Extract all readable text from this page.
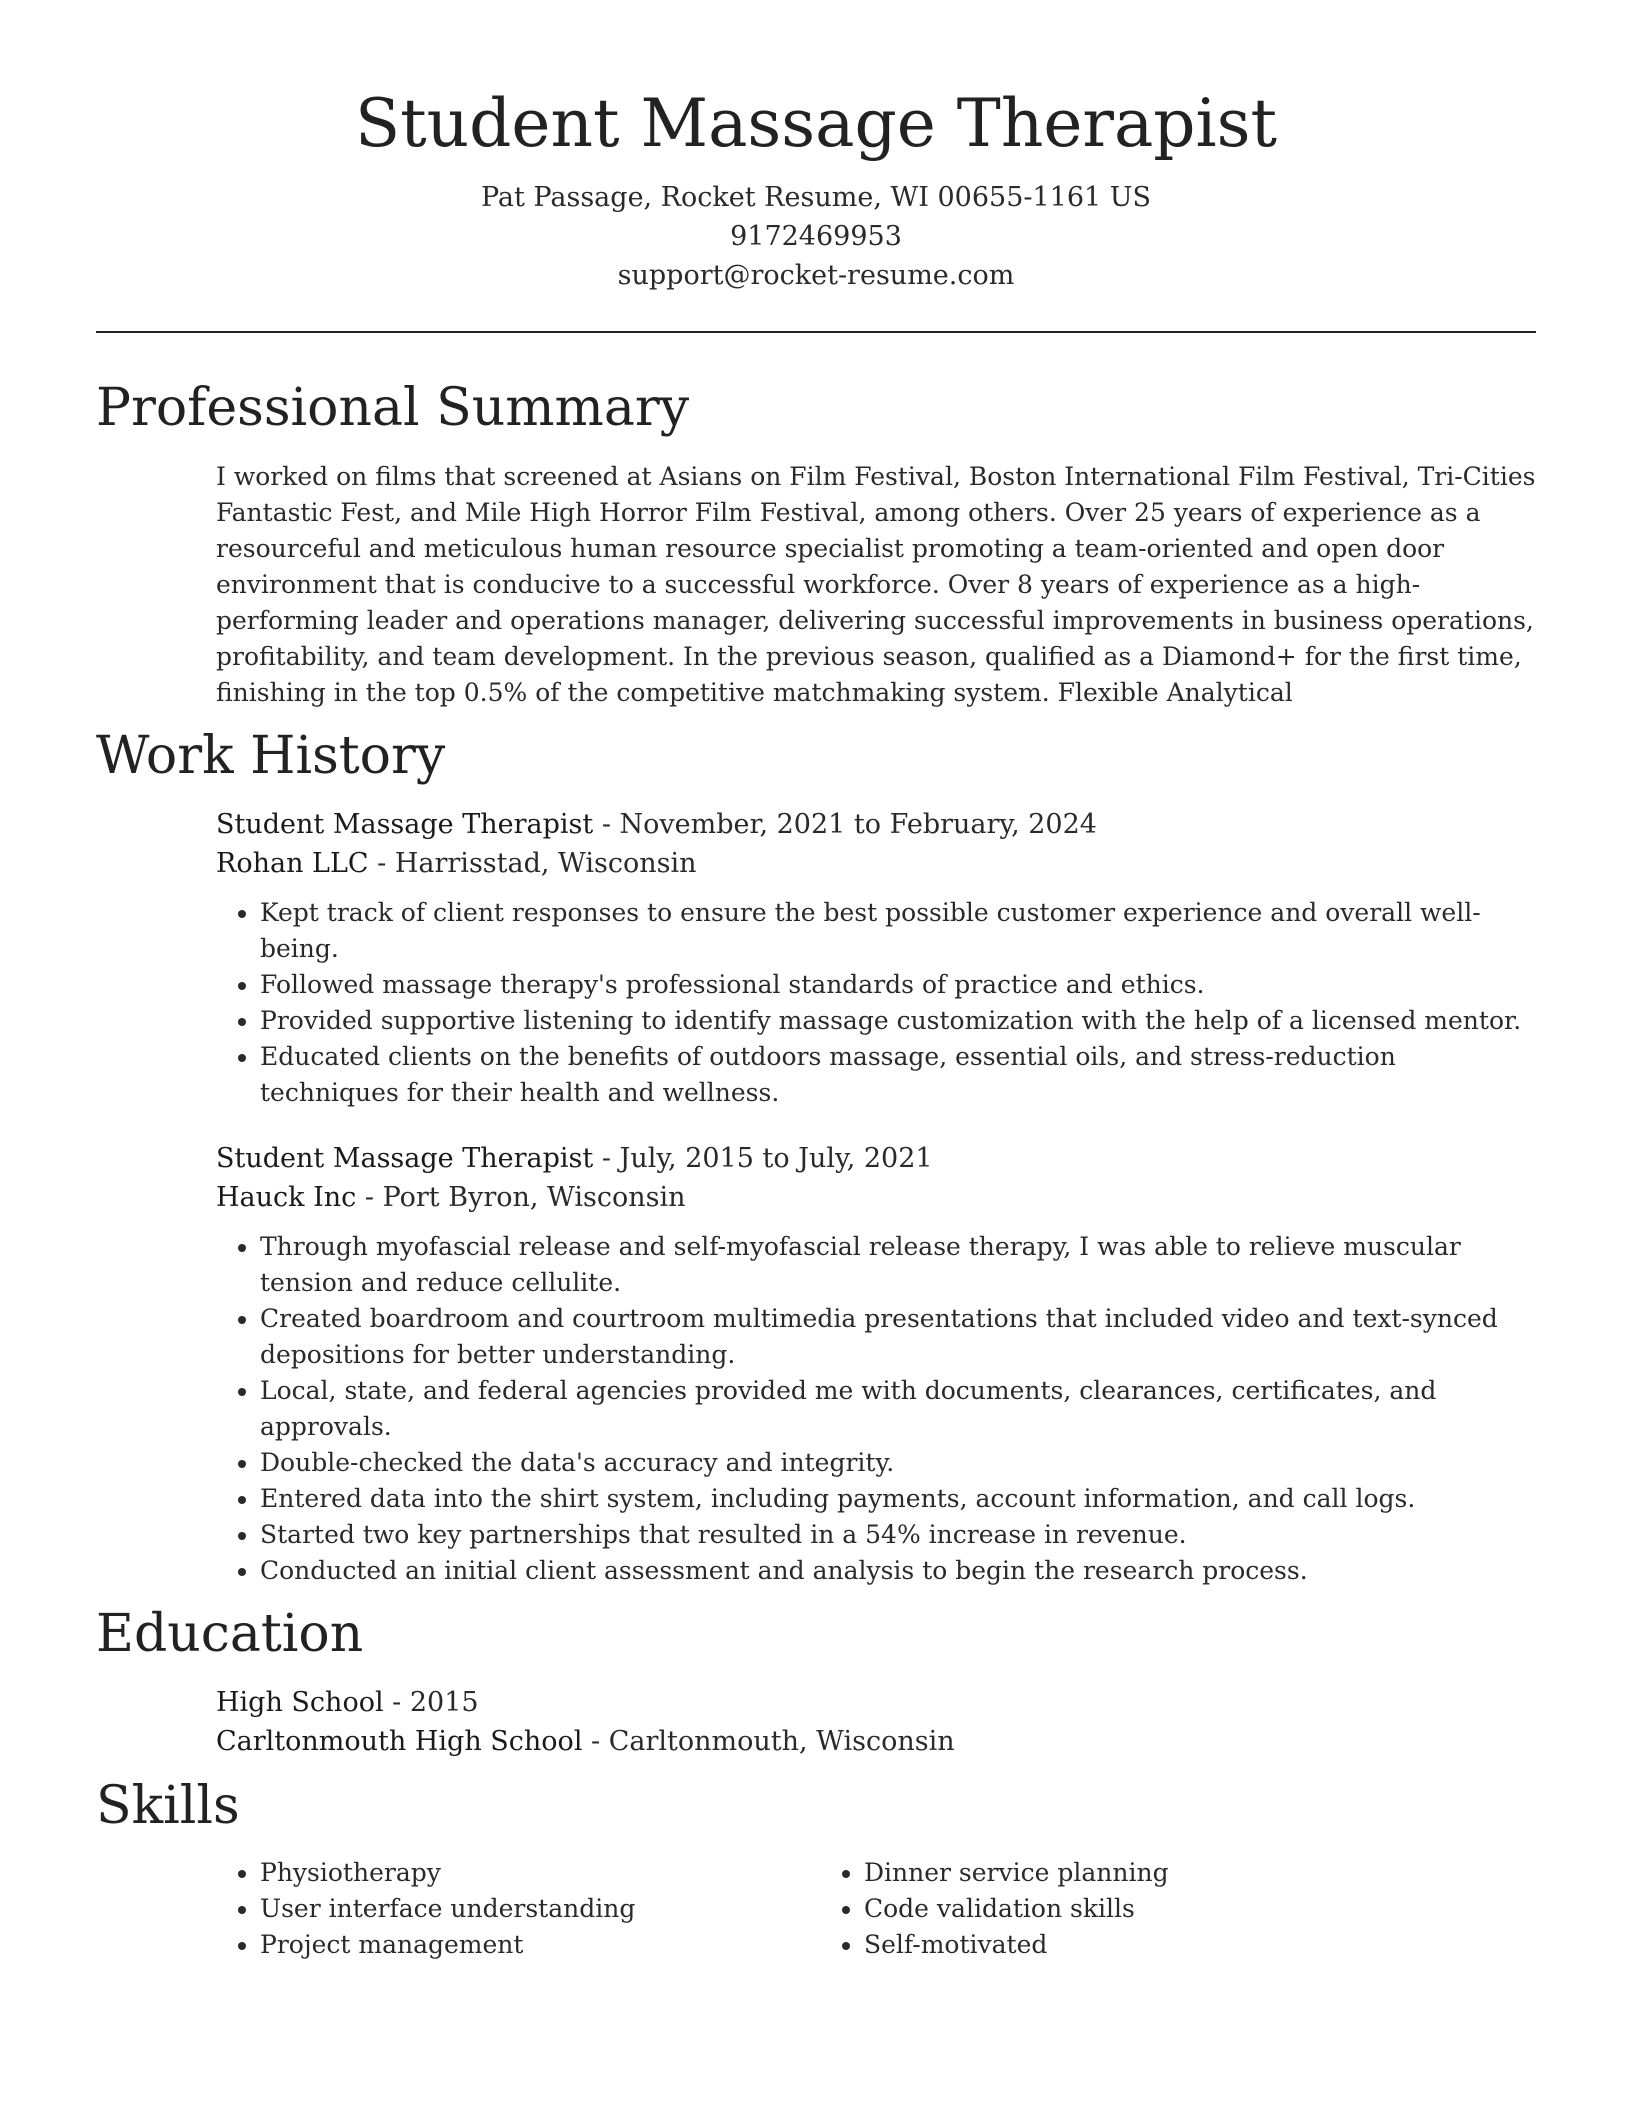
Student Massage Therapist
Pat Passage, Rocket Resume, WI 00655-1161 US
9172469953
support@rocket-resume.com
Professional Summary
I worked on films that screened at Asians on Film Festival, Boston International Film Festival, Tri-Cities Fantastic Fest, and Mile High Horror Film Festival, among others. Over 25 years of experience as a resourceful and meticulous human resource specialist promoting a team-oriented and open door environment that is conducive to a successful workforce. Over 8 years of experience as a high-performing leader and operations manager, delivering successful improvements in business operations, profitability, and team development. In the previous season, qualified as a Diamond+ for the first time, finishing in the top 0.5% of the competitive matchmaking system. Flexible Analytical
Work History
Student Massage Therapist - November, 2021 to February, 2024
Rohan LLC - Harrisstad, Wisconsin
• Kept track of client responses to ensure the best possible customer experience and overall well-being.
• Followed massage therapy's professional standards of practice and ethics.
• Provided supportive listening to identify massage customization with the help of a licensed mentor.
• Educated clients on the benefits of outdoors massage, essential oils, and stress-reduction techniques for their health and wellness.
Student Massage Therapist - July, 2015 to July, 2021
Hauck Inc - Port Byron, Wisconsin
• Through myofascial release and self-myofascial release therapy, I was able to relieve muscular tension and reduce cellulite.
• Created boardroom and courtroom multimedia presentations that included video and text-synced depositions for better understanding.
• Local, state, and federal agencies provided me with documents, clearances, certificates, and approvals.
• Double-checked the data's accuracy and integrity.
• Entered data into the shirt system, including payments, account information, and call logs.
• Started two key partnerships that resulted in a 54% increase in revenue.
• Conducted an initial client assessment and analysis to begin the research process.
Education
High School - 2015
Carltonmouth High School - Carltonmouth, Wisconsin
Skills
• Physiotherapy
• User interface understanding
• Project management
• Dinner service planning
• Code validation skills
• Self-motivated
